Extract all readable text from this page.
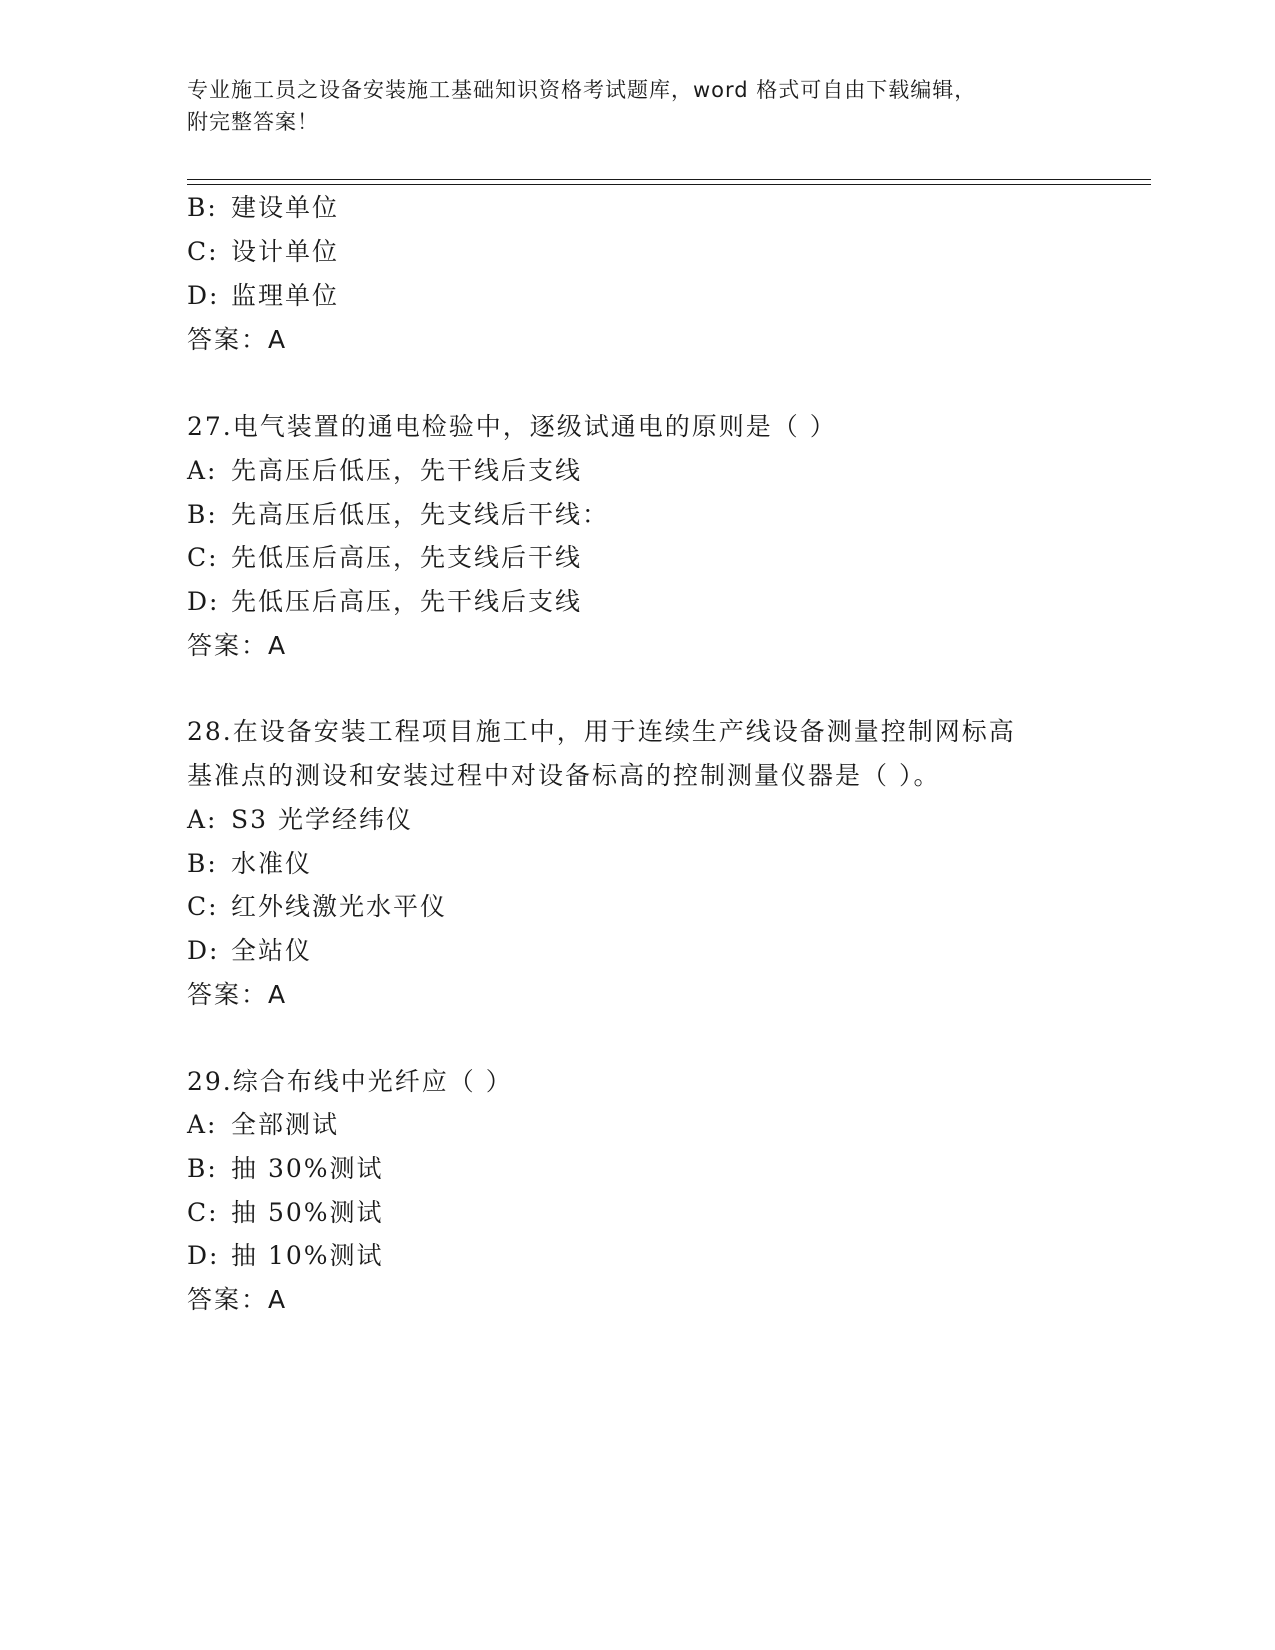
专业施工员之设备安装施工基础知识资格考试题库，word 格式可自由下载编辑，
附完整答案！
B: 建设单位
C: 设计单位
D: 监理单位
答案：A
27.电气装置的通电检验中，逐级试通电的原则是（ ）
A: 先高压后低压，先干线后支线
B: 先高压后低压，先支线后干线：
C: 先低压后高压，先支线后干线
D: 先低压后高压，先干线后支线
答案：A
28.在设备安装工程项目施工中，用于连续生产线设备测量控制网标高
基准点的测设和安装过程中对设备标高的控制测量仪器是（ ）。
A: S3 光学经纬仪
B: 水准仪
C: 红外线激光水平仪
D: 全站仪
答案：A
29.综合布线中光纤应（ ）
A: 全部测试
B: 抽 30%测试
C: 抽 50%测试
D: 抽 10%测试
答案：A
